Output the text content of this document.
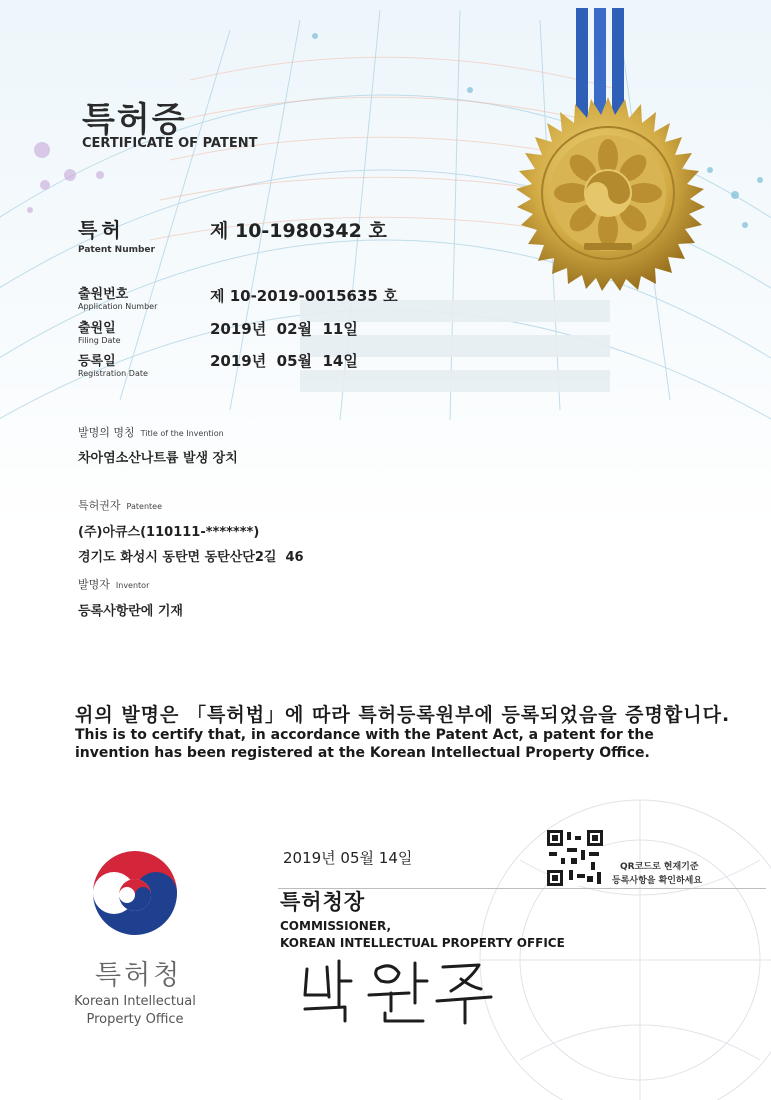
특허증
CERTIFICATE OF PATENT
특허
Patent Number
제 10-1980342 호
출원번호
Application Number
제 10-2019-0015635 호
출원일
Filing Date
2019년  02월  11일
등록일
Registration Date
2019년  05월  14일
발명의 명칭 Title of the Invention
차아염소산나트륨 발생 장치
특허권자 Patentee
(주)아큐스(110111-*******)
경기도 화성시 동탄면 동탄산단2길  46
발명자 Inventor
등록사항란에 기재
위의 발명은 「특허법」에 따라 특허등록원부에 등록되었음을 증명합니다.
This is to certify that, in accordance with the Patent Act, a patent for the invention has been registered at the Korean Intellectual Property Office.
2019년 05월 14일	QR코드로 현재기준
등록사항을 확인하세요
특허청장
COMMISSIONER,
KOREAN INTELLECTUAL PROPERTY OFFICE
특허청
Korean Intellectual
Property Office
